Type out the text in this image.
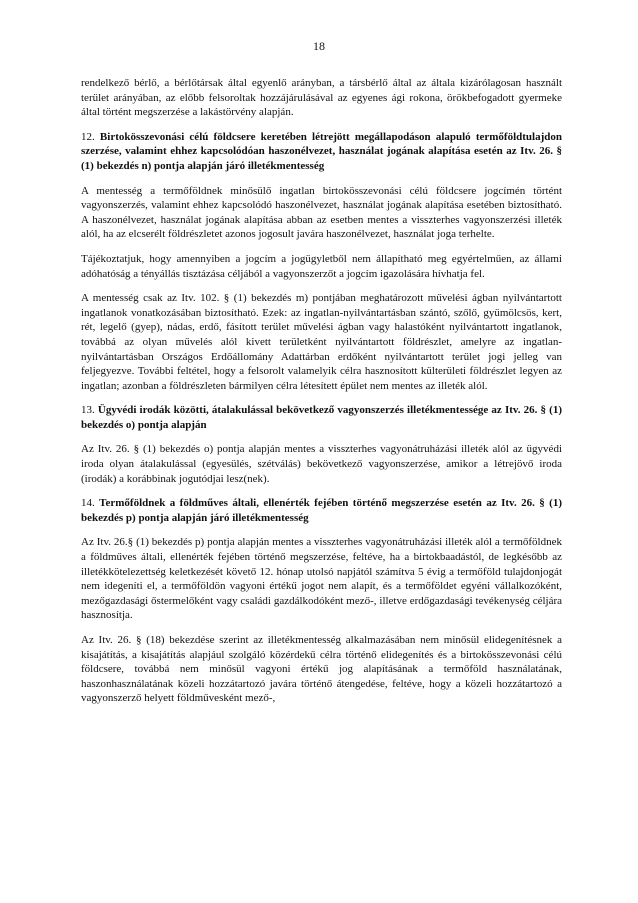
18

rendelkező bérlő, a bérlőtársak által egyenlő arányban, a társbérlő által az általa kizárólagosan használt terület arányában, az előbb felsoroltak hozzájárulásával az egyenes ági rokona, örökbefogadott gyermeke által történt megszerzése a lakástörvény alapján.

12. Birtokösszevonási célú földcsere keretében létrejött megállapodáson alapuló termőföldtulajdon szerzése, valamint ehhez kapcsolódóan haszonélvezet, használat jogának alapítása esetén az Itv. 26. § (1) bekezdés n) pontja alapján járó illetékmentesség

A mentesség a termőföldnek minősülő ingatlan birtokösszevonási célú földcsere jogcímén történt vagyonszerzés, valamint ehhez kapcsolódó haszonélvezet, használat jogának alapítása esetében biztosítható. A haszonélvezet, használat jogának alapítása abban az esetben mentes a visszterhes vagyonszerzési illeték alól, ha az elcserélt földrészletet azonos jogosult javára haszonélvezet, használat joga terhelte.

Tájékoztatjuk, hogy amennyiben a jogcím a jogügyletből nem állapítható meg egyértelműen, az állami adóhatóság a tényállás tisztázása céljából a vagyonszerzőt a jogcím igazolására hívhatja fel.

A mentesség csak az Itv. 102. § (1) bekezdés m) pontjában meghatározott művelési ágban nyilvántartott ingatlanok vonatkozásában biztosítható. Ezek: az ingatlan-nyilvántartásban szántó, szőlő, gyümölcsös, kert, rét, legelő (gyep), nádas, erdő, fásított terület művelési ágban vagy halastóként nyilvántartott ingatlanok, továbbá az olyan művelés alól kivett területként nyilvántartott földrészlet, amelyre az ingatlan-nyilvántartásban Országos Erdőállomány Adattárban erdőként nyilvántartott terület jogi jelleg van feljegyezve. További feltétel, hogy a felsorolt valamelyik célra hasznosított külterületi földrészlet legyen az ingatlan; azonban a földrészleten bármilyen célra létesített épület nem mentes az illeték alól.

13. Ügyvédi irodák közötti, átalakulással bekövetkező vagyonszerzés illetékmentessége az Itv. 26. § (1) bekezdés o) pontja alapján

Az Itv. 26. § (1) bekezdés o) pontja alapján mentes a visszterhes vagyonátruházási illeték alól az ügyvédi iroda olyan átalakulással (egyesülés, szétválás) bekövetkező vagyonszerzése, amikor a létrejövő iroda (irodák) a korábbinak jogutódjai lesz(nek).

14. Termőföldnek a földműves általi, ellenérték fejében történő megszerzése esetén az Itv. 26. § (1) bekezdés p) pontja alapján járó illetékmentesség

Az Itv. 26.§ (1) bekezdés p) pontja alapján mentes a visszterhes vagyonátruházási illeték alól a termőföldnek a földműves általi, ellenérték fejében történő megszerzése, feltéve, ha a birtokbaadástól, de legkésőbb az illetékkötelezettség keletkezését követő 12. hónap utolsó napjától számítva 5 évig a termőföld tulajdonjogát nem idegeníti el, a termőföldön vagyoni értékű jogot nem alapít, és a termőföldet egyéni vállalkozóként, mezőgazdasági őstermelőként vagy családi gazdálkodóként mező-, illetve erdőgazdasági tevékenység céljára hasznosítja.

Az Itv. 26. § (18) bekezdése szerint az illetékmentesség alkalmazásában nem minősül elidegenítésnek a kisajátítás, a kisajátítás alapjául szolgáló közérdekű célra történő elidegenítés és a birtokösszevonási célú földcsere, továbbá nem minősül vagyoni értékű jog alapításának a termőföld használatának, haszonhasználatának közeli hozzátartozó javára történő átengedése, feltéve, hogy a közeli hozzátartozó a vagyonszerző helyett földművesként mező-,
